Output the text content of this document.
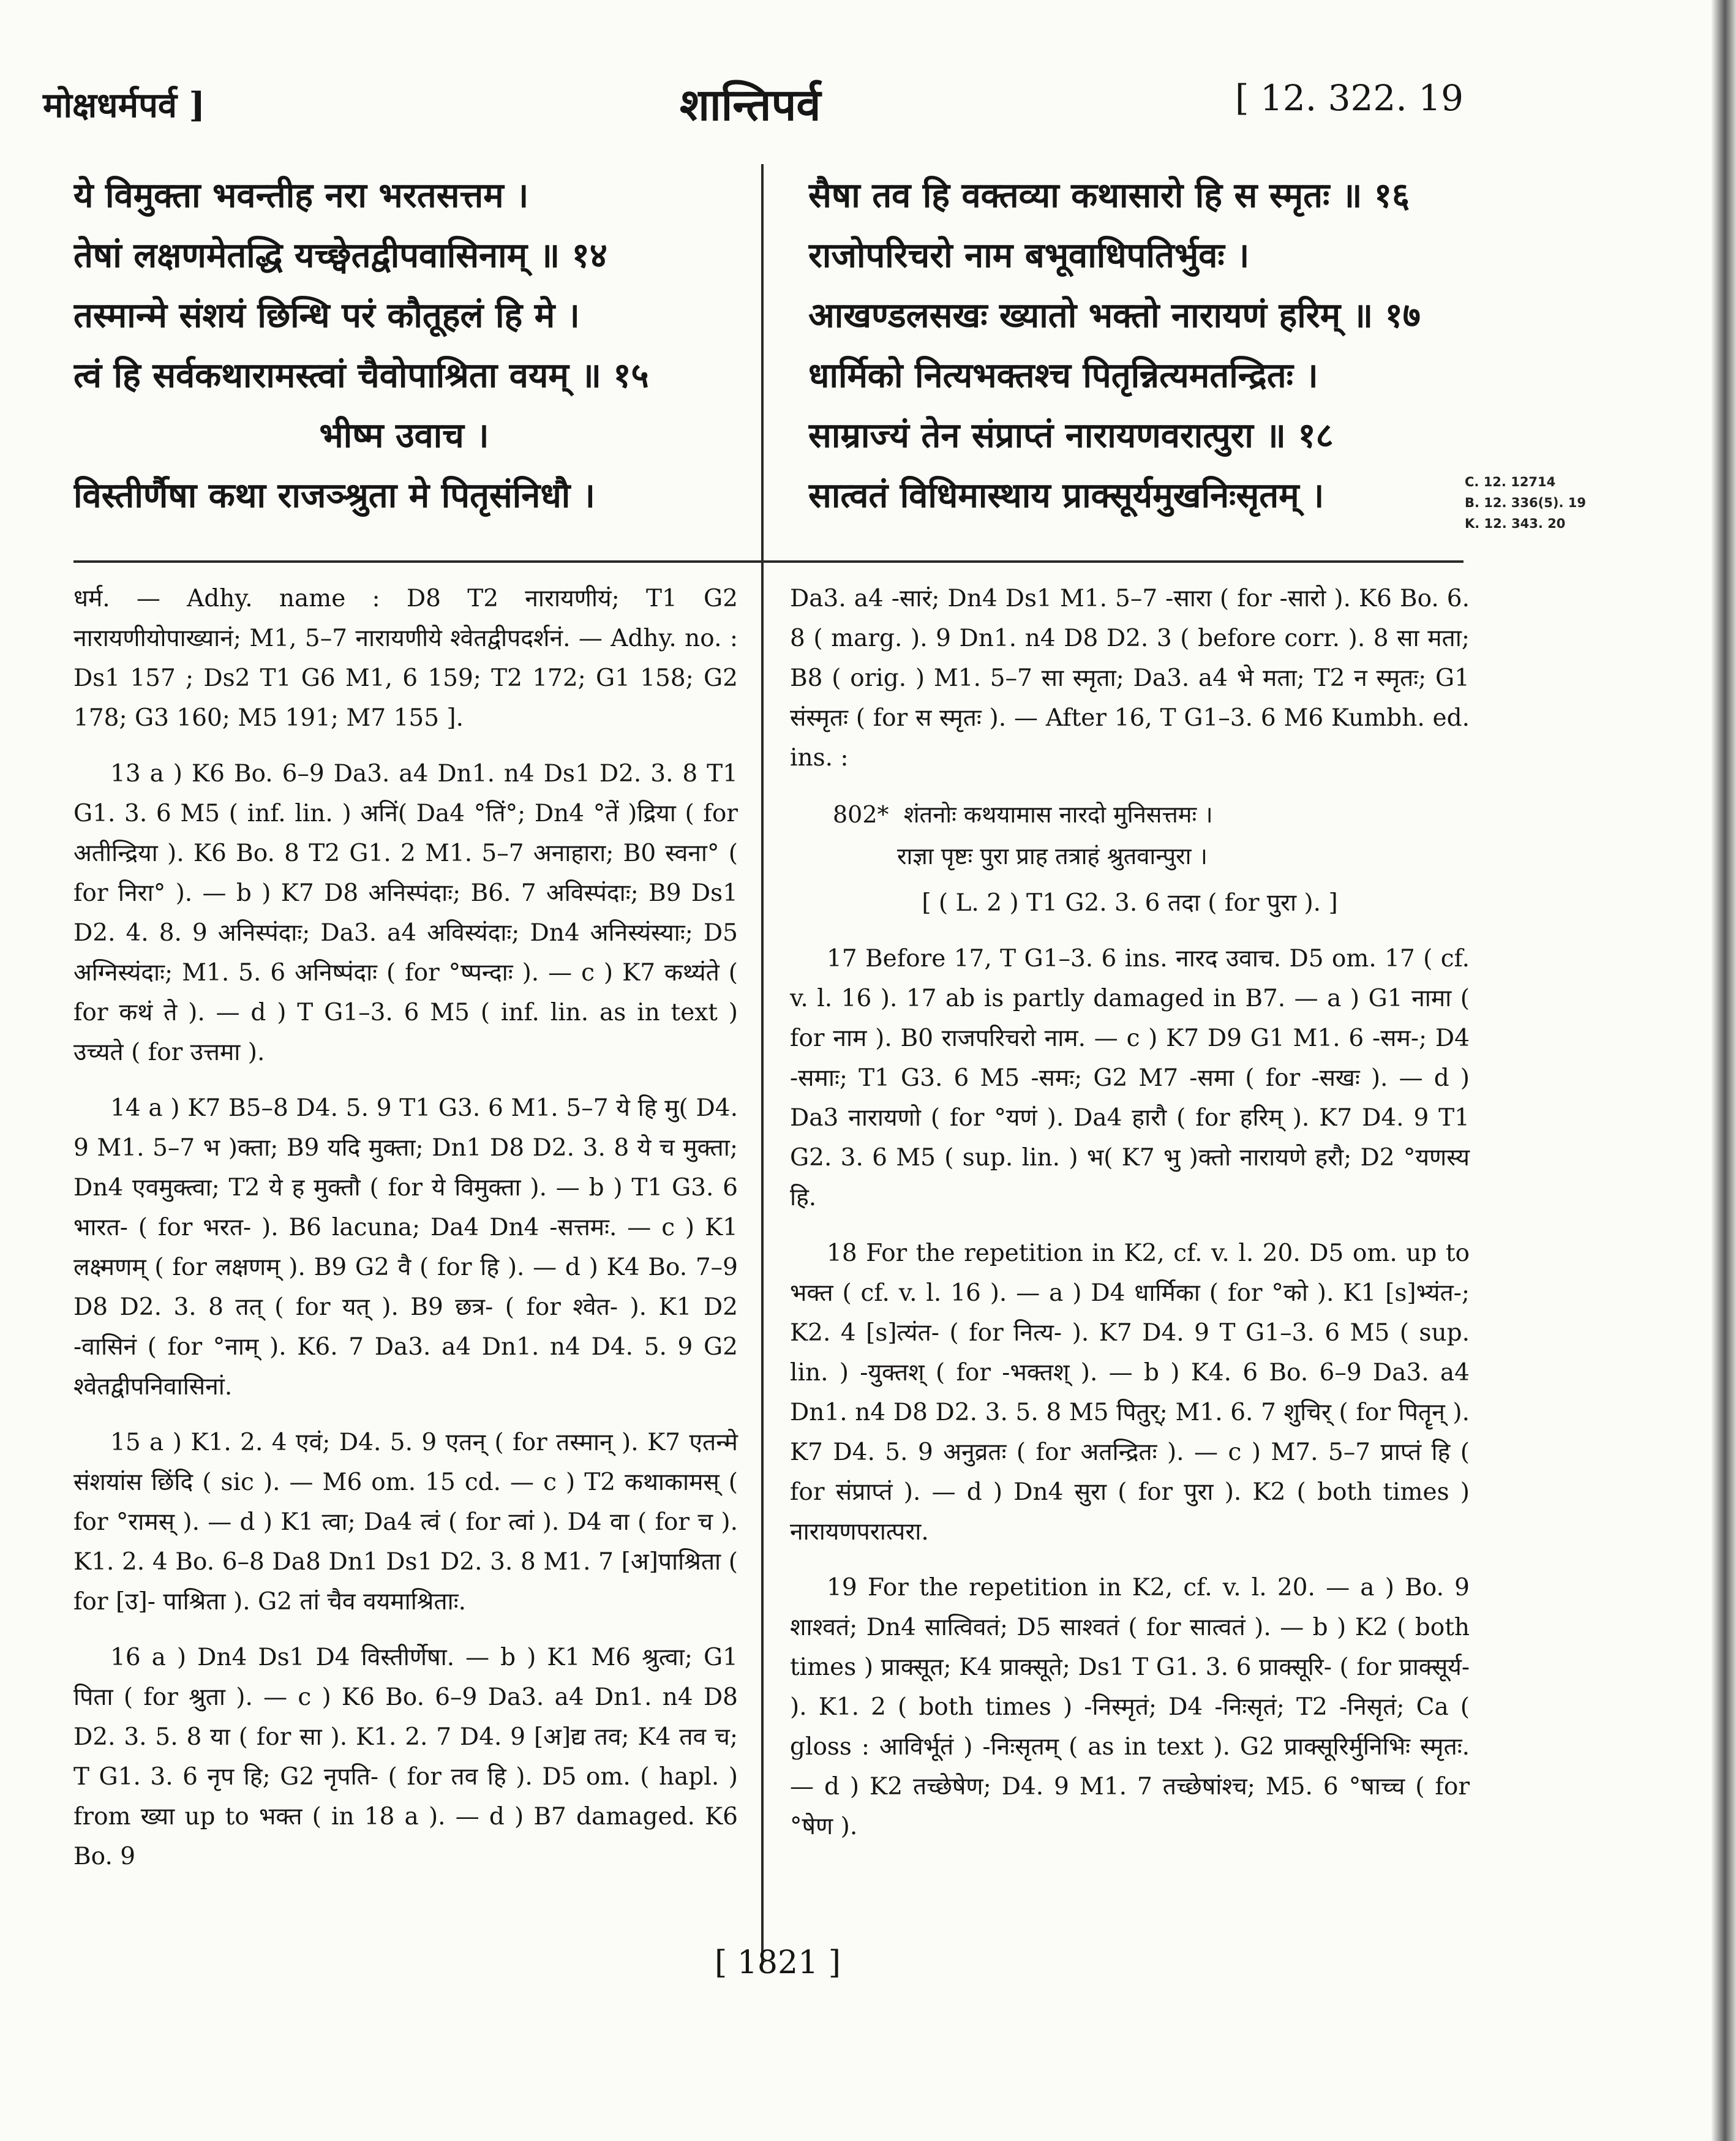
मोक्षधर्मपर्व ]	शान्तिपर्व	[ 12. 322. 19
ये विमुक्ता भवन्तीह नरा भरतसत्तम ।
तेषां लक्षणमेतद्धि यच्छ्वेतद्वीपवासिनाम् ॥ १४
तस्मान्मे संशयं छिन्धि परं कौतूहलं हि मे ।
त्वं हि सर्वकथारामस्त्वां चैवोपाश्रिता वयम् ॥ १५
भीष्म उवाच ।
विस्तीर्णैषा कथा राजञ्श्रुता मे पितृसंनिधौ ।
सैषा तव हि वक्तव्या कथासारो हि स स्मृतः ॥ १६
राजोपरिचरो नाम बभूवाधिपतिर्भुवः ।
आखण्डलसखः ख्यातो भक्तो नारायणं हरिम् ॥ १७
धार्मिको नित्यभक्तश्च पितृन्नित्यमतन्द्रितः ।
साम्राज्यं तेन संप्राप्तं नारायणवरात्पुरा ॥ १८
सात्वतं विधिमास्थाय प्राक्सूर्यमुखनिःसृतम् ।	C. 12. 12714
B. 12. 336(5). 19
K. 12. 343. 20

धर्म. — Adhy. name : D8 T2 नारायणीयं; T1 G2 नारायणीयोपाख्यानं; M1, 5–7 नारायणीये श्वेतद्वीपदर्शनं. — Adhy. no. : Ds1 157 ; Ds2 T1 G6 M1, 6 159; T2 172; G1 158; G2 178; G3 160; M5 191; M7 155 ].

13 a ) K6 Bo. 6–9 Da3. a4 Dn1. n4 Ds1 D2. 3. 8 T1 G1. 3. 6 M5 ( inf. lin. ) अनिं( Da4 °तिं°; Dn4 °तें )द्रिया ( for अतीन्द्रिया ). K6 Bo. 8 T2 G1. 2 M1. 5–7 अनाहारा; B0 स्वना° ( for निरा° ). — b ) K7 D8 अनिस्पंदाः; B6. 7 अविस्पंदाः; B9 Ds1 D2. 4. 8. 9 अनिस्पंदाः; Da3. a4 अविस्यंदाः; Dn4 अनिस्यंस्याः; D5 अग्निस्यंदाः; M1. 5. 6 अनिष्पंदाः ( for °ष्पन्दाः ). — c ) K7 कथ्यंते ( for कथं ते ). — d ) T G1–3. 6 M5 ( inf. lin. as in text ) उच्यते ( for उत्तमा ).

14 a ) K7 B5–8 D4. 5. 9 T1 G3. 6 M1. 5–7 ये हि मु( D4. 9 M1. 5–7 भ )क्ता; B9 यदि मुक्ता; Dn1 D8 D2. 3. 8 ये च मुक्ता; Dn4 एवमुक्त्वा; T2 ये ह मुक्तौ ( for ये विमुक्ता ). — b ) T1 G3. 6 भारत- ( for भरत- ). B6 lacuna; Da4 Dn4 -सत्तमः. — c ) K1 लक्ष्मणम् ( for लक्षणम् ). B9 G2 वै ( for हि ). — d ) K4 Bo. 7–9 D8 D2. 3. 8 तत् ( for यत् ). B9 छत्र- ( for श्वेत- ). K1 D2 -वासिनं ( for °नाम् ). K6. 7 Da3. a4 Dn1. n4 D4. 5. 9 G2 श्वेतद्वीपनिवासिनां.

15 a ) K1. 2. 4 एवं; D4. 5. 9 एतन् ( for तस्मान् ). K7 एतन्मे संशयांस छिंदि ( sic ). — M6 om. 15 cd. — c ) T2 कथाकामस् ( for °रामस् ). — d ) K1 त्वा; Da4 त्वं ( for त्वां ). D4 वा ( for च ). K1. 2. 4 Bo. 6–8 Da8 Dn1 Ds1 D2. 3. 8 M1. 7 [अ]पाश्रिता ( for [उ]- पाश्रिता ). G2 तां चैव वयमाश्रिताः.

16 a ) Dn4 Ds1 D4 विस्तीर्णेषा. — b ) K1 M6 श्रुत्वा; G1 पिता ( for श्रुता ). — c ) K6 Bo. 6–9 Da3. a4 Dn1. n4 D8 D2. 3. 5. 8 या ( for सा ). K1. 2. 7 D4. 9 [अ]द्य तव; K4 तव च; T G1. 3. 6 नृप हि; G2 नृपति- ( for तव हि ). D5 om. ( hapl. ) from ख्या up to भक्त ( in 18 a ). — d ) B7 damaged. K6 Bo. 9

Da3. a4 -सारं; Dn4 Ds1 M1. 5–7 -सारा ( for -सारो ). K6 Bo. 6. 8 ( marg. ). 9 Dn1. n4 D8 D2. 3 ( before corr. ). 8 सा मता; B8 ( orig. ) M1. 5–7 सा स्मृता; Da3. a4 भे मता; T2 न स्मृतः; G1 संस्मृतः ( for स स्मृतः ). — After 16, T G1–3. 6 M6 Kumbh. ed. ins. :

802* शंतनोः कथयामास नारदो मुनिसत्तमः ।
राज्ञा पृष्टः पुरा प्राह तत्राहं श्रुतवान्पुरा ।

[ ( L. 2 ) T1 G2. 3. 6 तदा ( for पुरा ). ]

17 Before 17, T G1–3. 6 ins. नारद उवाच. D5 om. 17 ( cf. v. l. 16 ). 17 ab is partly damaged in B7. — a ) G1 नामा ( for नाम ). B0 राजपरिचरो नाम. — c ) K7 D9 G1 M1. 6 -सम-; D4 -समाः; T1 G3. 6 M5 -समः; G2 M7 -समा ( for -सखः ). — d ) Da3 नारायणो ( for °यणं ). Da4 हारौ ( for हरिम् ). K7 D4. 9 T1 G2. 3. 6 M5 ( sup. lin. ) भ( K7 भु )क्तो नारायणे हरौ; D2 °यणस्य हि.

18 For the repetition in K2, cf. v. l. 20. D5 om. up to भक्त ( cf. v. l. 16 ). — a ) D4 धार्मिका ( for °को ). K1 [s]भ्यंत-; K2. 4 [s]त्यंत- ( for नित्य- ). K7 D4. 9 T G1–3. 6 M5 ( sup. lin. ) -युक्तश् ( for -भक्तश् ). — b ) K4. 6 Bo. 6–9 Da3. a4 Dn1. n4 D8 D2. 3. 5. 8 M5 पितुर्; M1. 6. 7 शुचिर् ( for पितॄन् ). K7 D4. 5. 9 अनुव्रतः ( for अतन्द्रितः ). — c ) M7. 5–7 प्राप्तं हि ( for संप्राप्तं ). — d ) Dn4 सुरा ( for पुरा ). K2 ( both times ) नारायणपरात्परा.

19 For the repetition in K2, cf. v. l. 20. — a ) Bo. 9 शाश्वतं; Dn4 सात्विवतं; D5 साश्वतं ( for सात्वतं ). — b ) K2 ( both times ) प्राक्सूत; K4 प्राक्सूते; Ds1 T G1. 3. 6 प्राक्सूरि- ( for प्राक्सूर्य- ). K1. 2 ( both times ) -निस्मृतं; D4 -निःसृतं; T2 -निसृतं; Ca ( gloss : आविर्भूतं ) -निःसृतम् ( as in text ). G2 प्राक्सूरिर्मुनिभिः स्मृतः. — d ) K2 तच्छेषेण; D4. 9 M1. 7 तच्छेषांश्च; M5. 6 °षाच्च ( for °षेण ).

[ 1821 ]
